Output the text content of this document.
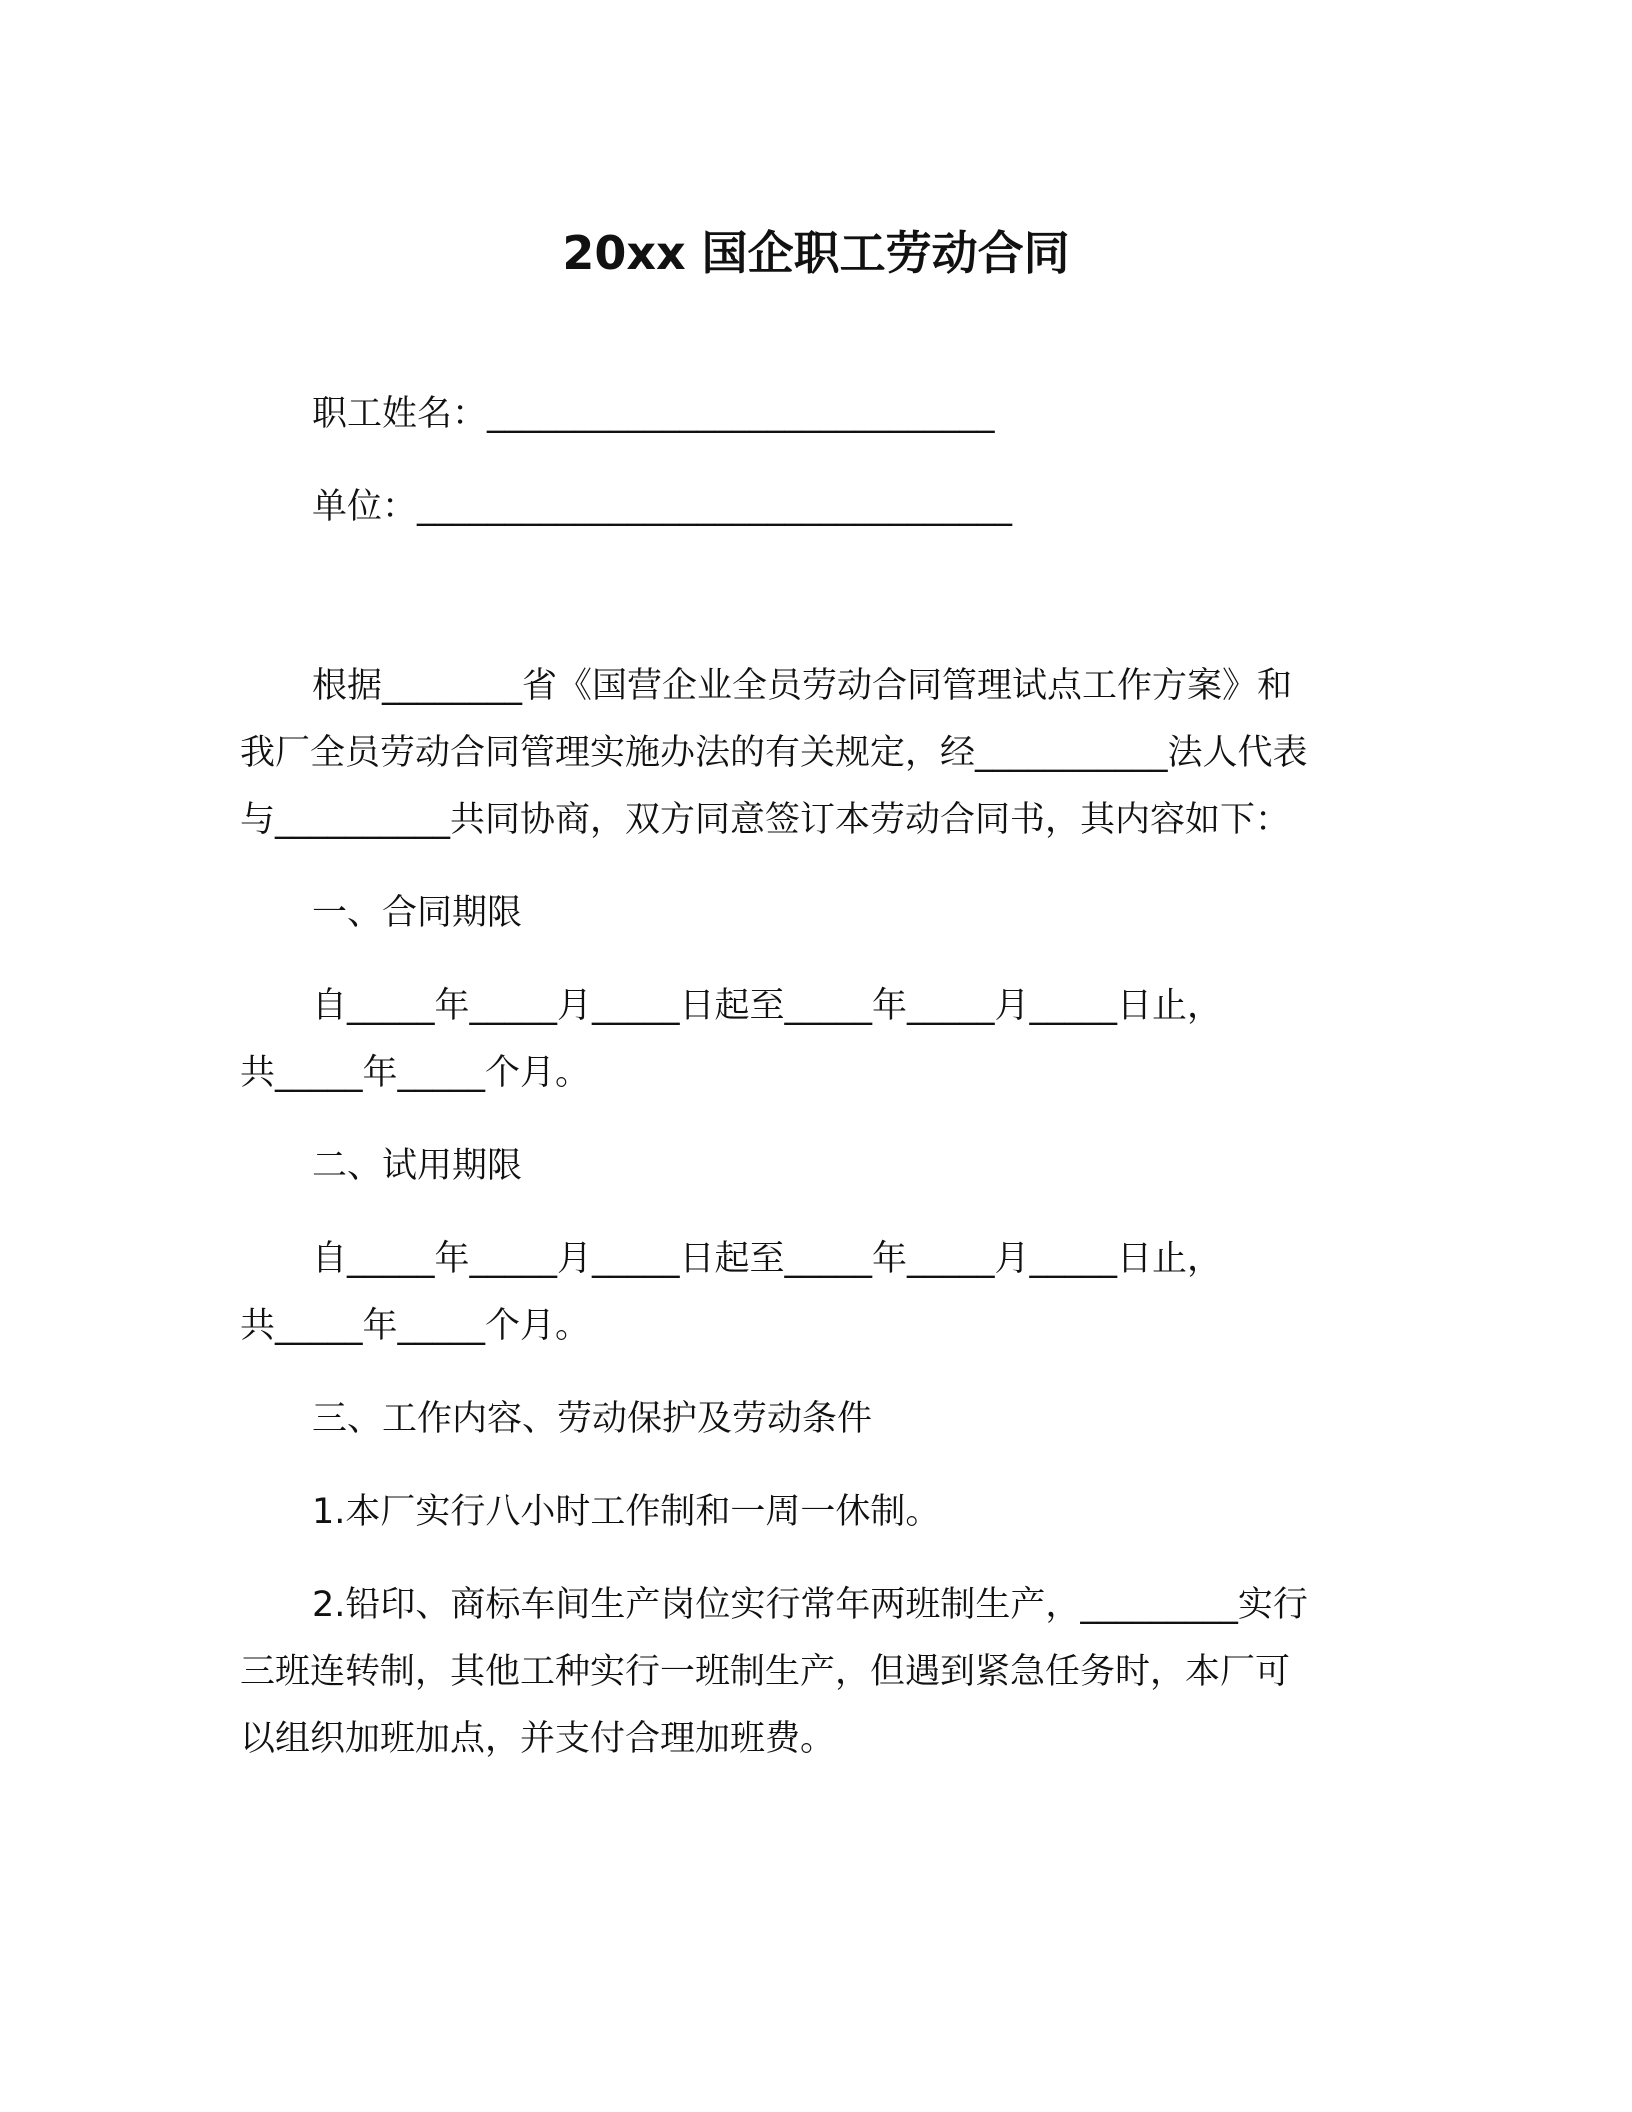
20xx 国企职工劳动合同
职工姓名：_____________________________
单位：__________________________________
根据________省《国营企业全员劳动合同管理试点工作方案》和
我厂全员劳动合同管理实施办法的有关规定，经___________法人代表
与__________共同协商，双方同意签订本劳动合同书，其内容如下：
一、合同期限
自_____年_____月_____日起至_____年_____月_____日止，
共_____年_____个月。
二、试用期限
自_____年_____月_____日起至_____年_____月_____日止，
共_____年_____个月。
三、工作内容、劳动保护及劳动条件
1.本厂实行八小时工作制和一周一休制。
2.铅印、商标车间生产岗位实行常年两班制生产，_________实行
三班连转制，其他工种实行一班制生产，但遇到紧急任务时，本厂可
以组织加班加点，并支付合理加班费。
